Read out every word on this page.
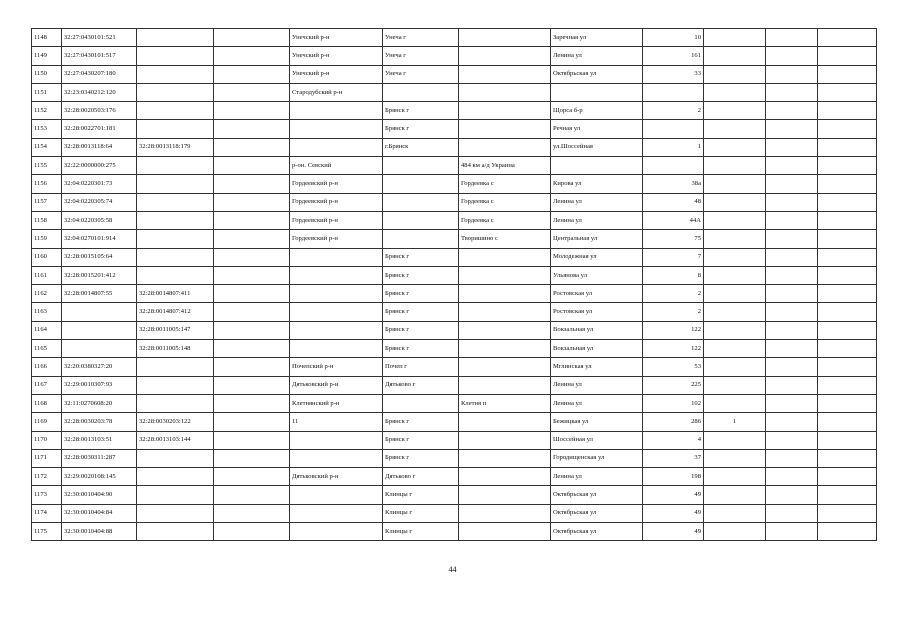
1148	32:27:0430101:521			Унечский р-н	Унеча г		Заречная ул	10			
1149	32:27:0430101:517			Унечский р-н	Унеча г		Ленина ул	161			
1150	32:27:0430207:180			Унечский р-н	Унеча г		Октябрьская ул	33			
1151	32:23:0340212:120			Стародубский р-н							
1152	32:28:0020503:176				Брянск г		Щорса б-р	2			
1153	32:28:0022701:181				Брянск г		Речная ул				
1154	32:28:0013118:64	32:28:0013118:179			г.Брянск		ул.Шоссейная	1			
1155	32:22:0000000:275			р-он. Севский		484 км а/д Украина					
1156	32:04:0220301:73			Гордеевский р-н		Гордеевка с	Кирова ул	38а			
1157	32:04:0220305:74			Гордеевский р-н		Гордеевка с	Ленина ул	48			
1158	32:04:0220305:58			Гордеевский р-н		Гордеевка с	Ленина ул	44А			
1159	32:04:0270101:914			Гордеевский р-н		Творишино с	Центральная ул	75			
1160	32:28:0015105:64				Брянск г		Молодежная ул	7			
1161	32:28:0015201:412				Брянск г		Ульянова ул	8			
1162	32:28:0014807:55	32:28:0014807:411			Брянск г		Ростовская ул	2			
1163		32:28:0014807:412			Брянск г		Ростовская ул	2			
1164		32:28:0011005:147			Брянск г		Вокзальная ул	122			
1165		32:28:0011005:148			Брянск г		Вокзальная ул	122			
1166	32:20:0380327:20			Почепский р-н	Почеп г		Мглинская ул	53			
1167	32:29:0010307:93			Дятьковский р-н	Дятьково г		Ленина ул	225			
1168	32:11:0270608:20			Клетнянский р-н		Клетня п	Ленина ул	102			
1169	32:28:0030203:78	32:28:0030203:122		11	Брянск г		Бежицкая ул	286	1		
1170	32:28:0013103:51	32:28:0013103:144			Брянск г		Шоссейная ул	4			
1171	32:28:0030311:287				Брянск г		Городищенская ул	37			
1172	32:29:0020108:145			Дятьковский р-н	Дятьково г		Ленина ул	198			
1173	32:30:0010404:90				Клинцы г		Октябрьская ул	49			
1174	32:30:0010404:84				Клинцы г		Октябрьская ул	49			
1175	32:30:0010404:88				Клинцы г		Октябрьская ул	49			
44
